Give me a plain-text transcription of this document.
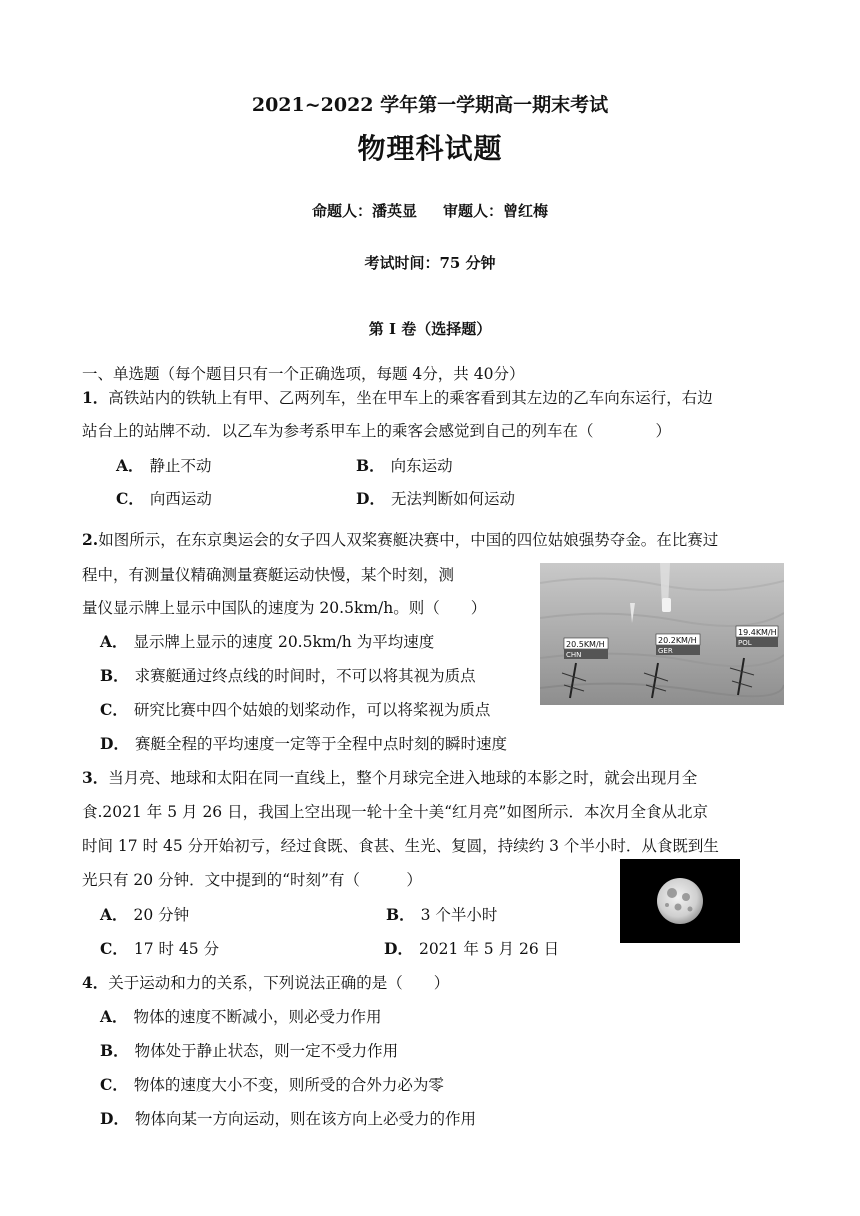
2021~2022 学年第一学期高一期末考试
物理科试题
命题人：潘英显 审题人：曾红梅
考试时间：75 分钟
第 I 卷（选择题）
一、单选题（每个题目只有一个正确选项，每题 4分，共 40分）
1．高铁站内的铁轨上有甲、乙两列车，坐在甲车上的乘客看到其左边的乙车向东运行，右边
站台上的站牌不动．以乙车为参考系甲车上的乘客会感觉到自己的列车在（　　　　）
A． 静止不动	B． 向东运动
C． 向西运动	D． 无法判断如何运动
2.如图所示，在东京奥运会的女子四人双桨赛艇决赛中，中国的四位姑娘强势夺金。在比赛过
程中，有测量仪精确测量赛艇运动快慢，某个时刻，测
量仪显示牌上显示中国队的速度为 20.5km/h。则（　　）
A． 显示牌上显示的速度 20.5km/h 为平均速度
B． 求赛艇通过终点线的时间时，不可以将其视为质点
C． 研究比赛中四个姑娘的划桨动作，可以将桨视为质点
D． 赛艇全程的平均速度一定等于全程中点时刻的瞬时速度
20.5KM/H
CHN
20.2KM/H
GER
19.4KM/H
POL
3．当月亮、地球和太阳在同一直线上，整个月球完全进入地球的本影之时，就会出现月全
食.2021 年 5 月 26 日，我国上空出现一轮十全十美“红月亮”如图所示．本次月全食从北京
时间 17 时 45 分开始初亏，经过食既、食甚、生光、复圆，持续约 3 个半小时．从食既到生
光只有 20 分钟．文中提到的“时刻”有（　　　）
A． 20 分钟	B． 3 个半小时
C． 17 时 45 分	D． 2021 年 5 月 26 日
4．关于运动和力的关系，下列说法正确的是（　　）
A． 物体的速度不断减小，则必受力作用
B． 物体处于静止状态，则一定不受力作用
C． 物体的速度大小不变，则所受的合外力必为零
D． 物体向某一方向运动，则在该方向上必受力的作用
